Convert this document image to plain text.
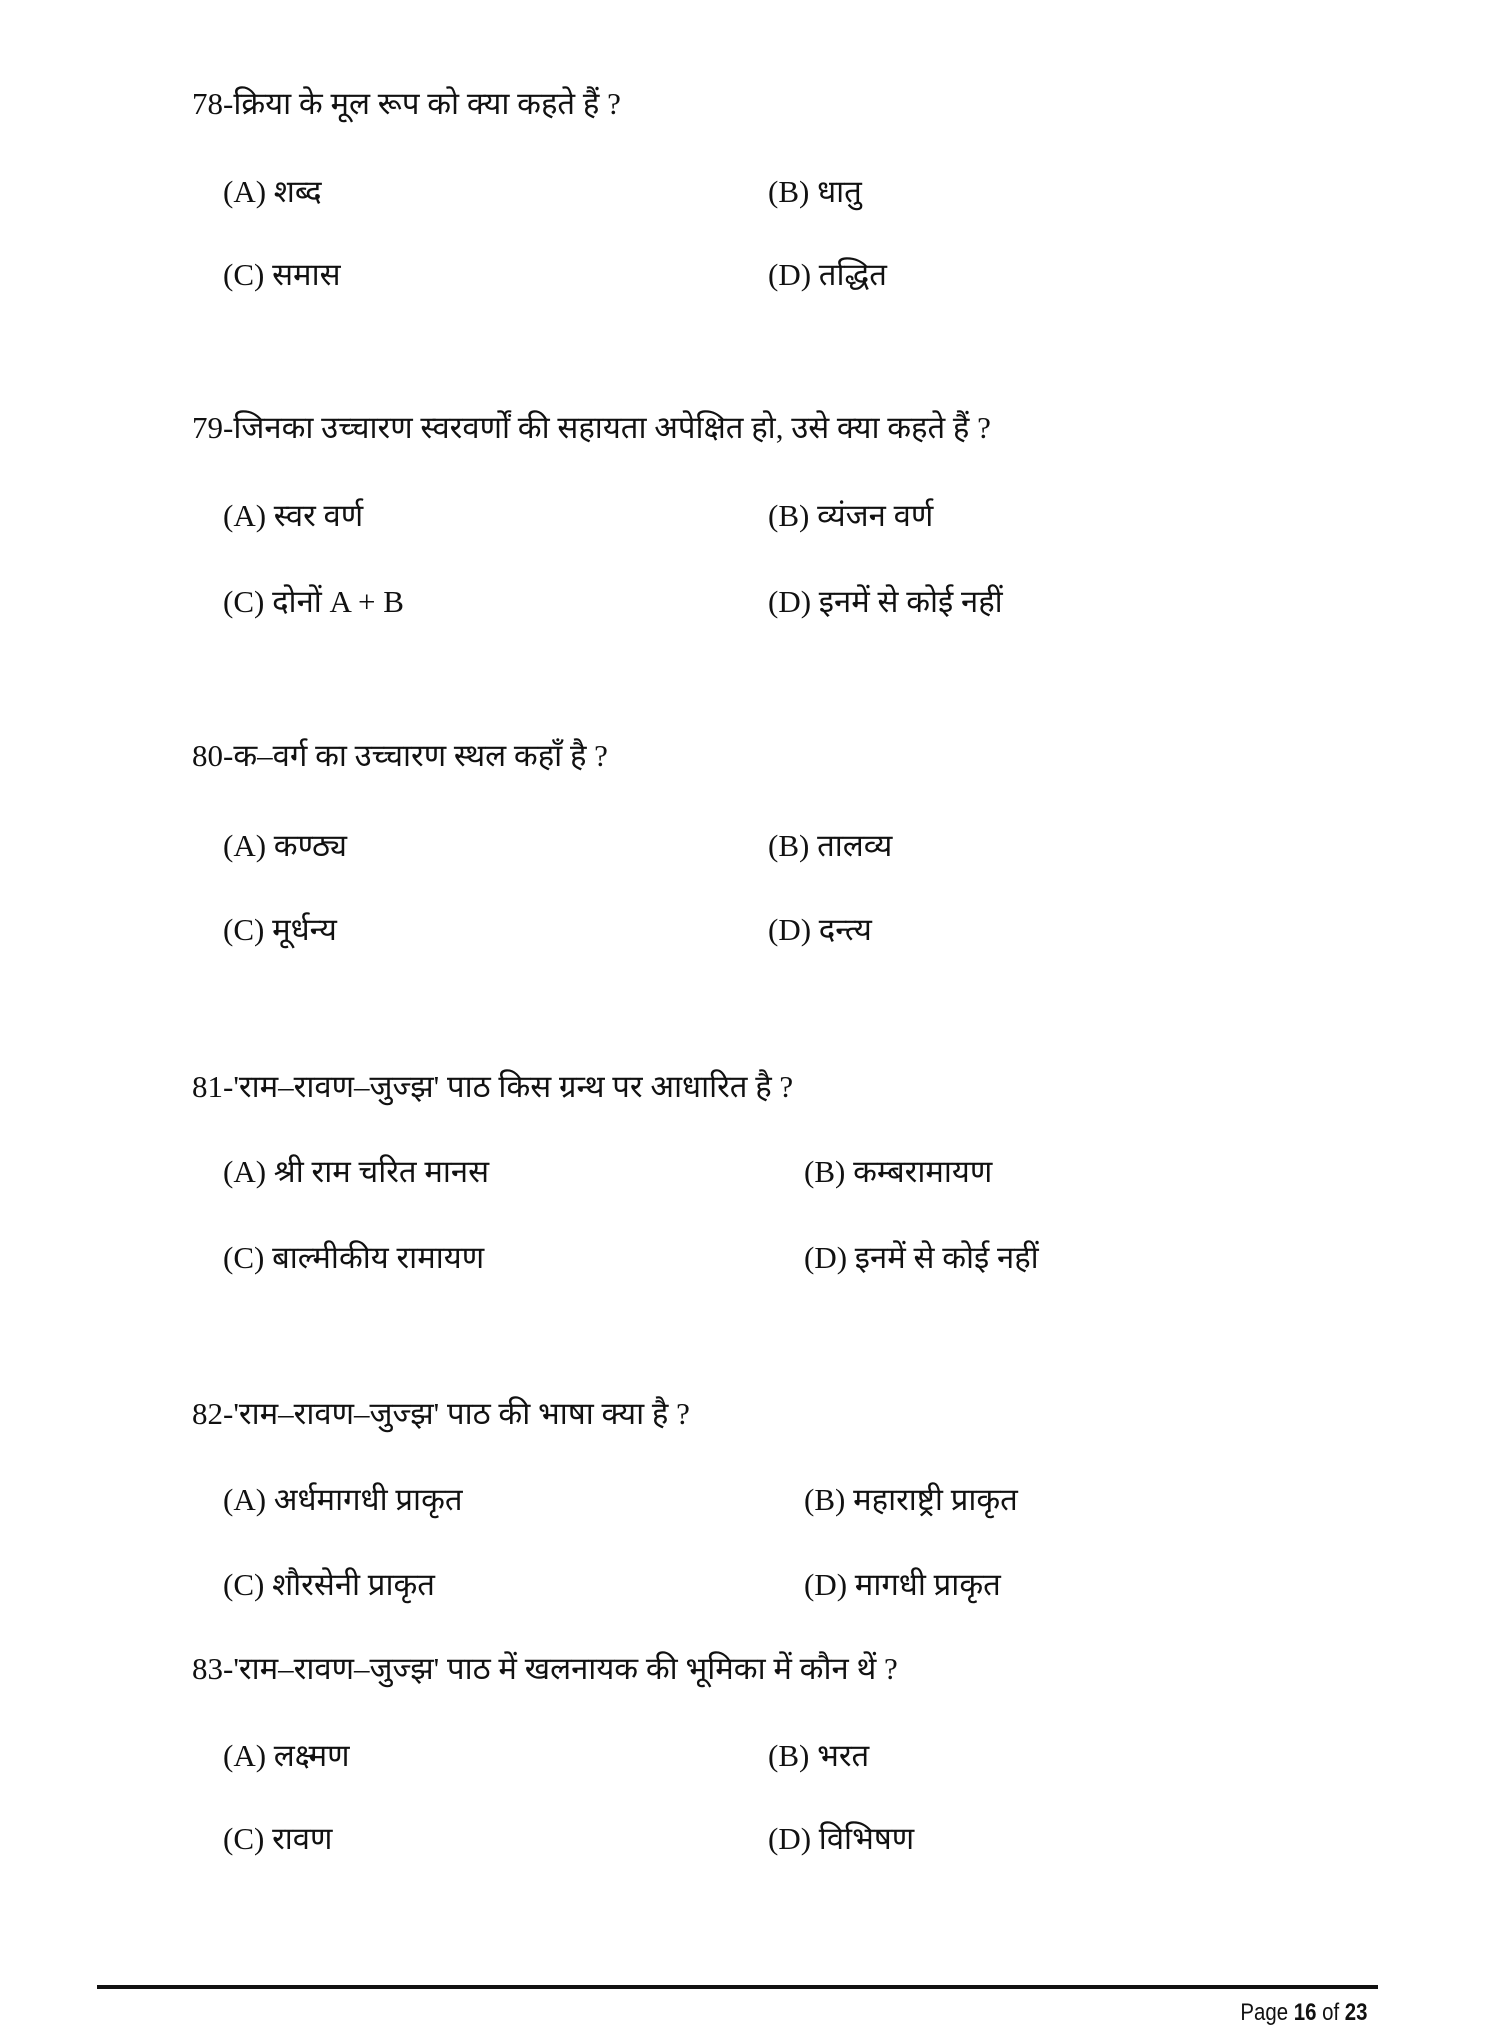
78-क्रिया के मूल रूप को क्या कहते हैं ?
(A) शब्द	(B) धातु
(C) समास	(D) तद्धित
79-जिनका उच्चारण स्वरवर्णों की सहायता अपेक्षित हो, उसे क्या कहते हैं ?
(A) स्वर वर्ण	(B) व्यंजन वर्ण
(C) दोनों A + B	(D) इनमें से कोई नहीं
80-क–वर्ग का उच्चारण स्थल कहाँ है ?
(A) कण्ठ्य	(B) तालव्य
(C) मूर्धन्य	(D) दन्त्य
81-'राम–रावण–जुज्झ' पाठ किस ग्रन्थ पर आधारित है ?
(A) श्री राम चरित मानस	(B) कम्बरामायण
(C) बाल्मीकीय रामायण	(D) इनमें से कोई नहीं
82-'राम–रावण–जुज्झ' पाठ की भाषा क्या है ?
(A) अर्धमागधी प्राकृत	(B) महाराष्ट्री प्राकृत
(C) शौरसेनी प्राकृत	(D) मागधी प्राकृत
83-'राम–रावण–जुज्झ' पाठ में खलनायक की भूमिका में कौन थें ?
(A) लक्ष्मण	(B) भरत
(C) रावण	(D) विभिषण
Page 16 of 23
